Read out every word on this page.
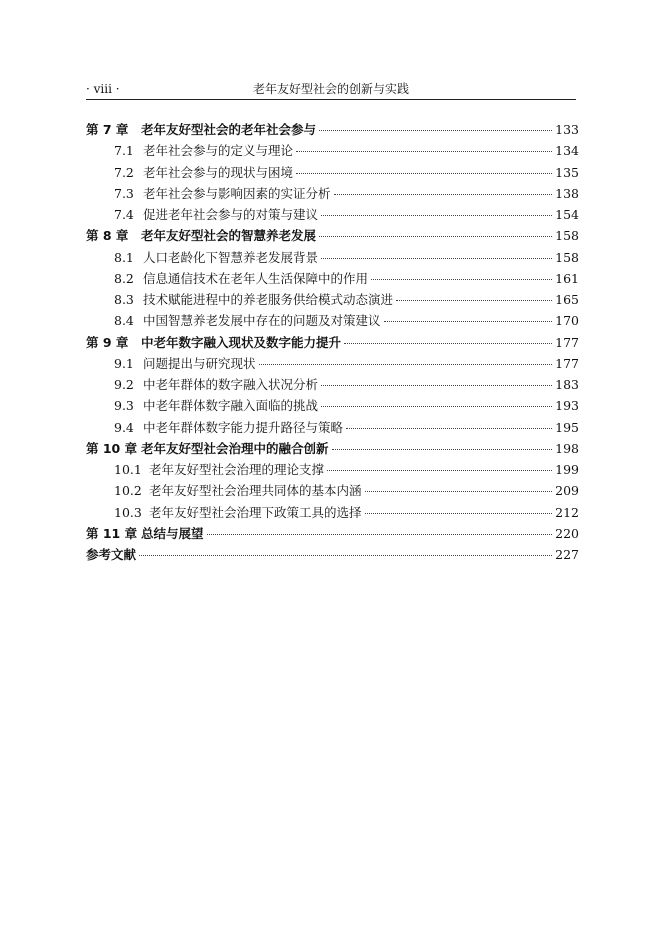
· viii ·	老年友好型社会的创新与实践
第 7 章	老年友好型社会的老年社会参与	133
7.1 老年社会参与的定义与理论	134
7.2 老年社会参与的现状与困境	135
7.3 老年社会参与影响因素的实证分析	138
7.4 促进老年社会参与的对策与建议	154
第 8 章	老年友好型社会的智慧养老发展	158
8.1 人口老龄化下智慧养老发展背景	158
8.2 信息通信技术在老年人生活保障中的作用	161
8.3 技术赋能进程中的养老服务供给模式动态演进	165
8.4 中国智慧养老发展中存在的问题及对策建议	170
第 9 章	中老年数字融入现状及数字能力提升	177
9.1 问题提出与研究现状	177
9.2 中老年群体的数字融入状况分析	183
9.3 中老年群体数字融入面临的挑战	193
9.4 中老年群体数字能力提升路径与策略	195
第 10 章 老年友好型社会治理中的融合创新	198
10.1 老年友好型社会治理的理论支撑	199
10.2 老年友好型社会治理共同体的基本内涵	209
10.3 老年友好型社会治理下政策工具的选择	212
第 11 章 总结与展望	220
参考文献	227
